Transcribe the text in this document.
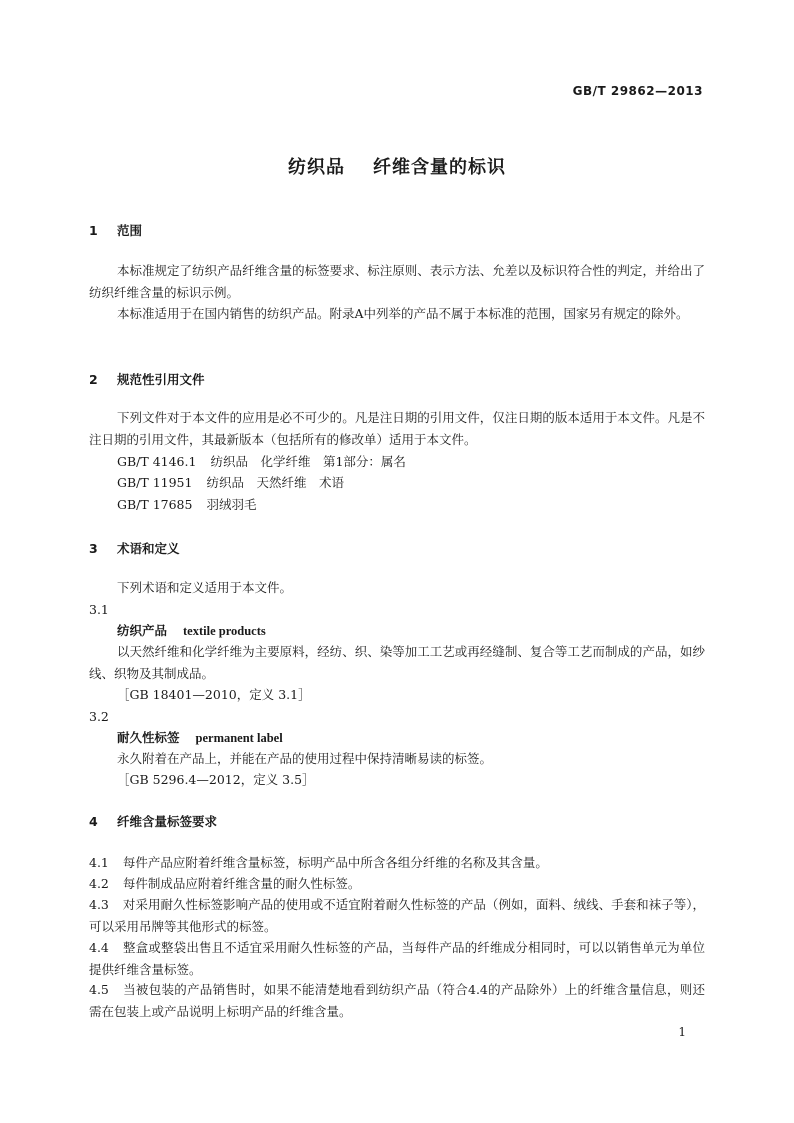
GB/T 29862—2013
纺织品 纤维含量的标识
1 范围
本标准规定了纺织产品纤维含量的标签要求、标注原则、表示方法、允差以及标识符合性的判定，并给出了纺织纤维含量的标识示例。
本标准适用于在国内销售的纺织产品。附录A中列举的产品不属于本标准的范围，国家另有规定的除外。
2 规范性引用文件
下列文件对于本文件的应用是必不可少的。凡是注日期的引用文件，仅注日期的版本适用于本文件。凡是不注日期的引用文件，其最新版本（包括所有的修改单）适用于本文件。
GB/T 4146.1 纺织品　化学纤维　第1部分：属名
GB/T 11951 纺织品　天然纤维　术语
GB/T 17685 羽绒羽毛
3 术语和定义
下列术语和定义适用于本文件。
3.1
纺织产品 textile products
以天然纤维和化学纤维为主要原料，经纺、织、染等加工工艺或再经缝制、复合等工艺而制成的产品，如纱线、织物及其制成品。
［GB 18401—2010，定义 3.1］
3.2
耐久性标签 permanent label
永久附着在产品上，并能在产品的使用过程中保持清晰易读的标签。
［GB 5296.4—2012，定义 3.5］
4 纤维含量标签要求
4.1 每件产品应附着纤维含量标签，标明产品中所含各组分纤维的名称及其含量。
4.2 每件制成品应附着纤维含量的耐久性标签。
4.3 对采用耐久性标签影响产品的使用或不适宜附着耐久性标签的产品（例如，面料、绒线、手套和袜子等），可以采用吊牌等其他形式的标签。
4.4 整盒或整袋出售且不适宜采用耐久性标签的产品，当每件产品的纤维成分相同时，可以以销售单元为单位提供纤维含量标签。
4.5 当被包装的产品销售时，如果不能清楚地看到纺织产品（符合4.4的产品除外）上的纤维含量信息，则还需在包装上或产品说明上标明产品的纤维含量。
1
